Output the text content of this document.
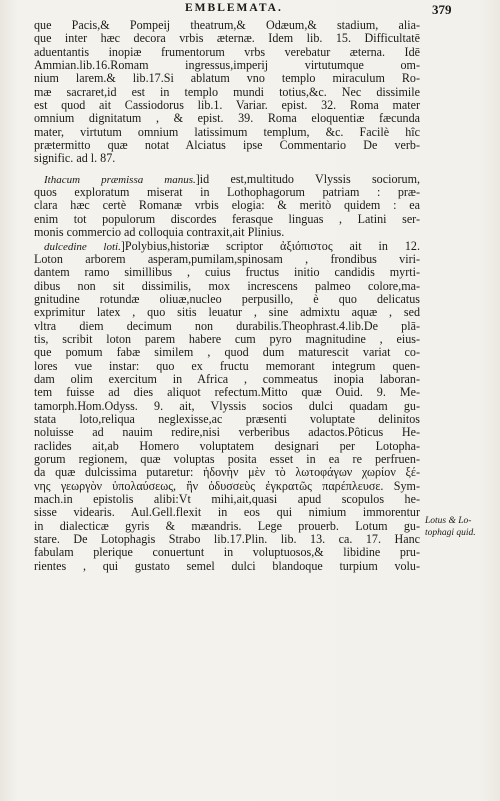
EMBLEMATA.	379
que Pacis,& Pompeij theatrum,& Odæum,& stadium, alia-
que inter hæc decora vrbis æternæ. Idem lib. 15. Difficultatē
aduentantis inopiæ frumentorum vrbs verebatur æterna. Idē
Ammian.lib.16.Romam ingressus,imperij virtutumque om-
nium larem.& lib.17.Si ablatum vno templo miraculum Ro-
mæ sacraret,id est in templo mundi totius,&c. Nec dissimile
est quod ait Cassiodorus lib.1. Variar. epist. 32. Roma mater
omnium dignitatum , & epist. 39. Roma eloquentiæ fæcunda
mater, virtutum omnium latissimum templum, &c. Facilè hîc
prætermitto quæ notat Alciatus ipse Commentario De verb-
signific. ad l. 87.
Ithacum præmissa manus.]id est,multitudo Vlyssis sociorum,
quos exploratum miserat in Lothophagorum patriam : præ-
clara hæc certè Romanæ vrbis elogia: & meritò quidem : ea
enim tot populorum discordes ferasque linguas , Latini ser-
monis commercio ad colloquia contraxit,ait Plinius.
dulcedine loti.]Polybius,historiæ scriptor ἀξιόπιστος ait in 12.
Loton arborem asperam,pumilam,spinosam , frondibus viri-
dantem ramo simillibus , cuius fructus initio candidis myrti-
dibus non sit dissimilis, mox increscens palmeo colore,ma-
gnitudine rotundæ oliuæ,nucleo perpusillo, è quo delicatus
exprimitur latex , quo sitis leuatur , sine admixtu aquæ , sed
vltra diem decimum non durabilis.Theophrast.4.lib.De plā-
tis, scribit loton parem habere cum pyro magnitudine , eius-
que pomum fabæ similem , quod dum maturescit variat co-
lores vue instar: quo ex fructu memorant integrum quen-
dam olim exercitum in Africa , commeatus inopia laboran-
tem fuisse ad dies aliquot refectum.Mitto quæ Ouid. 9. Me-
tamorph.Hom.Odyss. 9. ait, Vlyssis socios dulci quadam gu-
stata loto,reliqua neglexisse,ac præsenti voluptate delinitos
noluisse ad nauim redire,nisi verberibus adactos.Pôticus He-
raclides ait,ab Homero voluptatem designari per Lotopha-
gorum regionem, quæ voluptas posita esset in ea re perfruen-
da quæ dulcissima putaretur: ἡδονὴν μὲν τὸ λωτοφάγων χωρίον ξέ-
νης γεωργὸν ὑπολαύσεως, ἣν ὀδυσσεὺς ἐγκρατῶς παρέπλευσε. Sym-
mach.in epistolis alibi:Vt mihi,ait,quasi apud scopulos he-
sisse videaris. Aul.Gell.flexit in eos qui nimium immorentur
in dialecticæ gyris & mæandris. Lege prouerb. Lotum gu-
stare. De Lotophagis Strabo lib.17.Plin. lib. 13. ca. 17. Hanc
fabulam plerique conuertunt in voluptuosos,& libidine pru-
rientes , qui gustato semel dulci blandoque turpium volu-
Lotus & Lo-
tophagi quid.
